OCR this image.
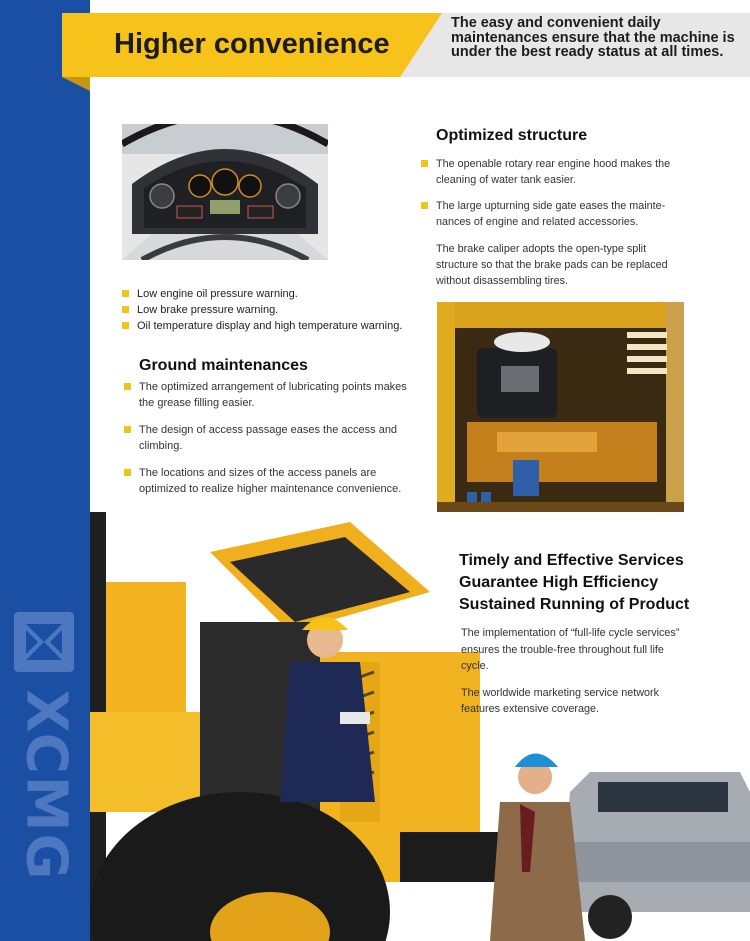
XCMG
Higher convenience
The easy and convenient daily maintenances ensure that the machine is under the best ready status at all times.
Low engine oil pressure warning.
Low brake pressure warning.
Oil temperature display and high temperature warning.
Optimized structure
The openable rotary rear engine hood makes the cleaning of water tank easier.
The large upturning side gate eases the mainte-nances of engine and related accessories.
The brake caliper adopts the open-type split structure so that the brake pads can be replaced without disassembling tires.
Ground maintenances
The optimized arrangement of lubricating points makes the grease filling easier.
The design of access passage eases the access and climbing.
The locations and sizes of the access panels are optimized to realize higher maintenance convenience.
Timely and Effective Services
Guarantee High Efficiency
Sustained Running of Product

The implementation of “full-life cycle services” ensures the trouble-free throughout full life cycle.

The worldwide marketing service network features extensive coverage.
